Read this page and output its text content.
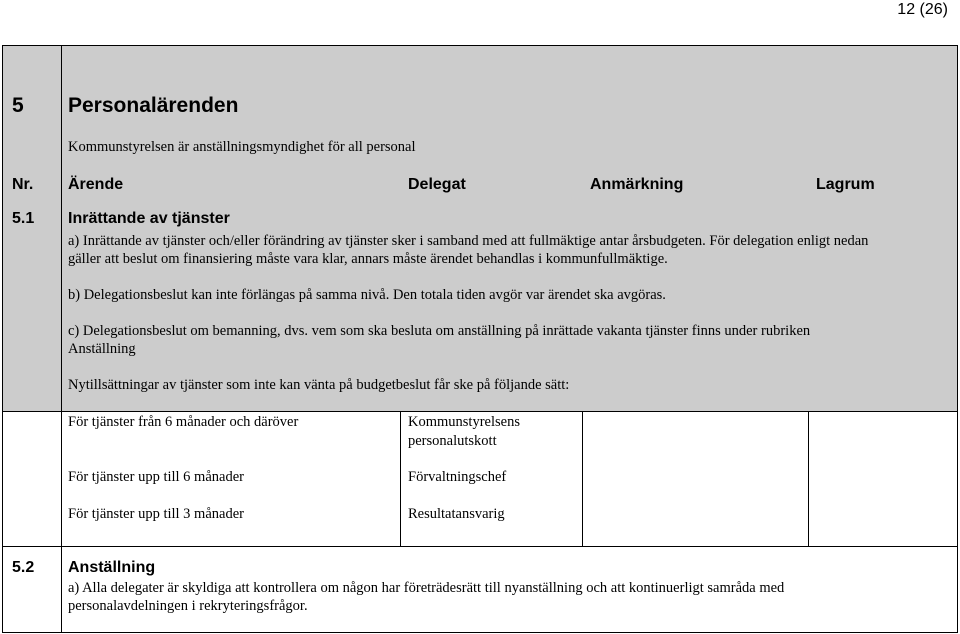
12 (26)
5 Personalärenden
Kommunstyrelsen är anställningsmyndighet för all personal
Nr. Ärende	Delegat	Anmärkning	Lagrum
5.1 Inrättande av tjänster
a) Inrättande av tjänster och/eller förändring av tjänster sker i samband med att fullmäktige antar årsbudgeten. För delegation enligt nedan
gäller att beslut om finansiering måste vara klar, annars måste ärendet behandlas i kommunfullmäktige.
b) Delegationsbeslut kan inte förlängas på samma nivå. Den totala tiden avgör var ärendet ska avgöras.
c) Delegationsbeslut om bemanning, dvs. vem som ska besluta om anställning på inrättade vakanta tjänster finns under rubriken
Anställning
Nytillsättningar av tjänster som inte kan vänta på budgetbeslut får ske på följande sätt:
För tjänster från 6 månader och däröver	Kommunstyrelsens
personalutskott
För tjänster upp till 6 månader	Förvaltningschef
För tjänster upp till 3 månader	Resultatansvarig
5.2 Anställning
a) Alla delegater är skyldiga att kontrollera om någon har företrädesrätt till nyanställning och att kontinuerligt samråda med
personalavdelningen i rekryteringsfrågor.
